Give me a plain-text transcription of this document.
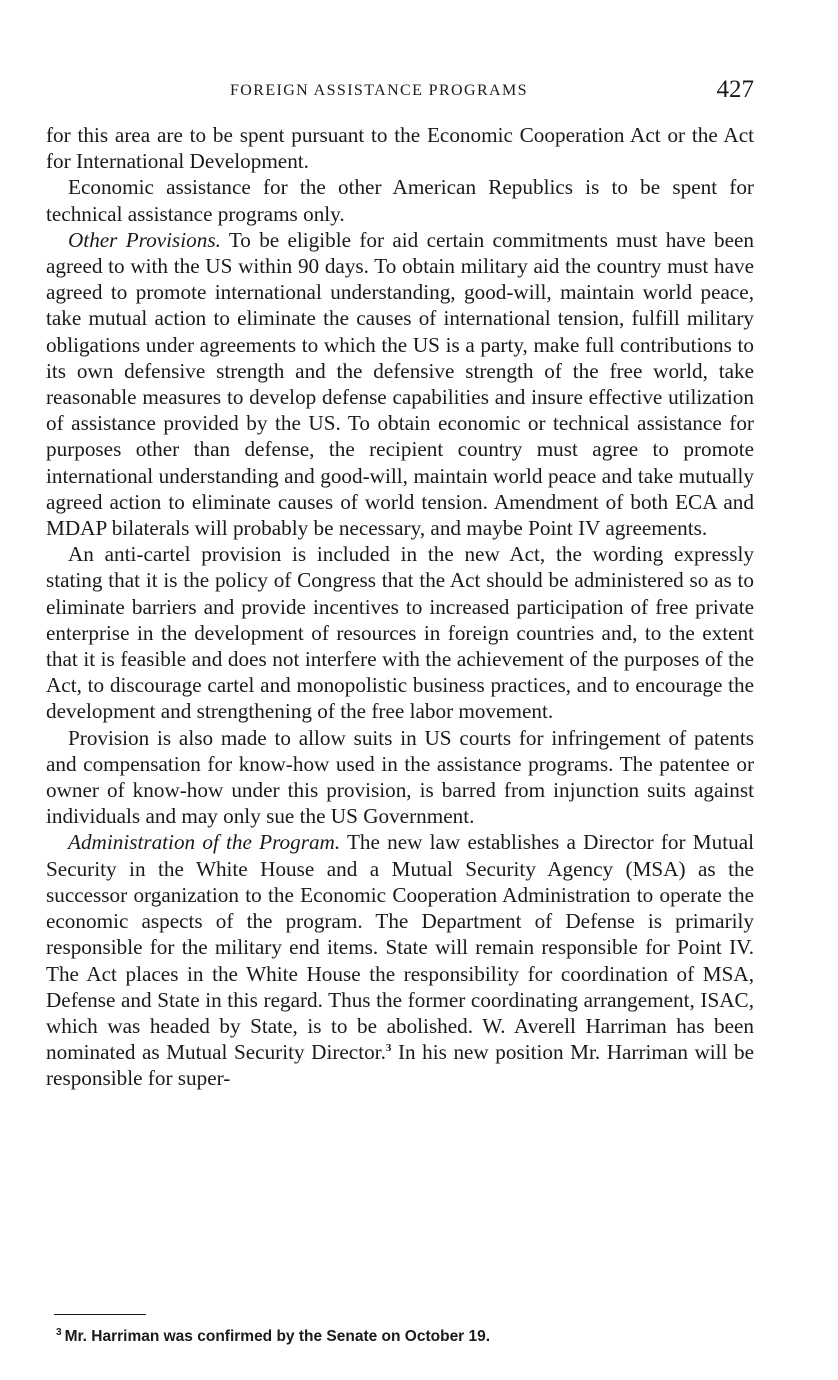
FOREIGN ASSISTANCE PROGRAMS	427

for this area are to be spent pursuant to the Economic Cooperation Act or the Act for International Development.

Economic assistance for the other American Republics is to be spent for technical assistance programs only.

Other Provisions. To be eligible for aid certain commitments must have been agreed to with the US within 90 days. To obtain military aid the country must have agreed to promote international understanding, good-will, maintain world peace, take mutual action to eliminate the causes of international tension, fulfill military obligations under agreements to which the US is a party, make full contributions to its own defensive strength and the defensive strength of the free world, take reasonable measures to develop defense capabilities and insure effective utilization of assistance provided by the US. To obtain economic or technical assistance for purposes other than defense, the recipient country must agree to promote international understanding and good-will, maintain world peace and take mutually agreed action to eliminate causes of world tension. Amendment of both ECA and MDAP bilaterals will probably be necessary, and maybe Point IV agreements.

An anti-cartel provision is included in the new Act, the wording expressly stating that it is the policy of Congress that the Act should be administered so as to eliminate barriers and provide incentives to increased participation of free private enterprise in the development of resources in foreign countries and, to the extent that it is feasible and does not interfere with the achievement of the purposes of the Act, to discourage cartel and monopolistic business practices, and to encourage the development and strengthening of the free labor movement.

Provision is also made to allow suits in US courts for infringement of patents and compensation for know-how used in the assistance programs. The patentee or owner of know-how under this provision, is barred from injunction suits against individuals and may only sue the US Government.

Administration of the Program. The new law establishes a Director for Mutual Security in the White House and a Mutual Security Agency (MSA) as the successor organization to the Economic Cooperation Administration to operate the economic aspects of the program. The Department of Defense is primarily responsible for the military end items. State will remain responsible for Point IV. The Act places in the White House the responsibility for coordination of MSA, Defense and State in this regard. Thus the former coordinating arrangement, ISAC, which was headed by State, is to be abolished. W. Averell Harriman has been nominated as Mutual Security Director.$^3$ In his new position Mr. Harriman will be responsible for super-

$^3$ Mr. Harriman was confirmed by the Senate on October 19.
